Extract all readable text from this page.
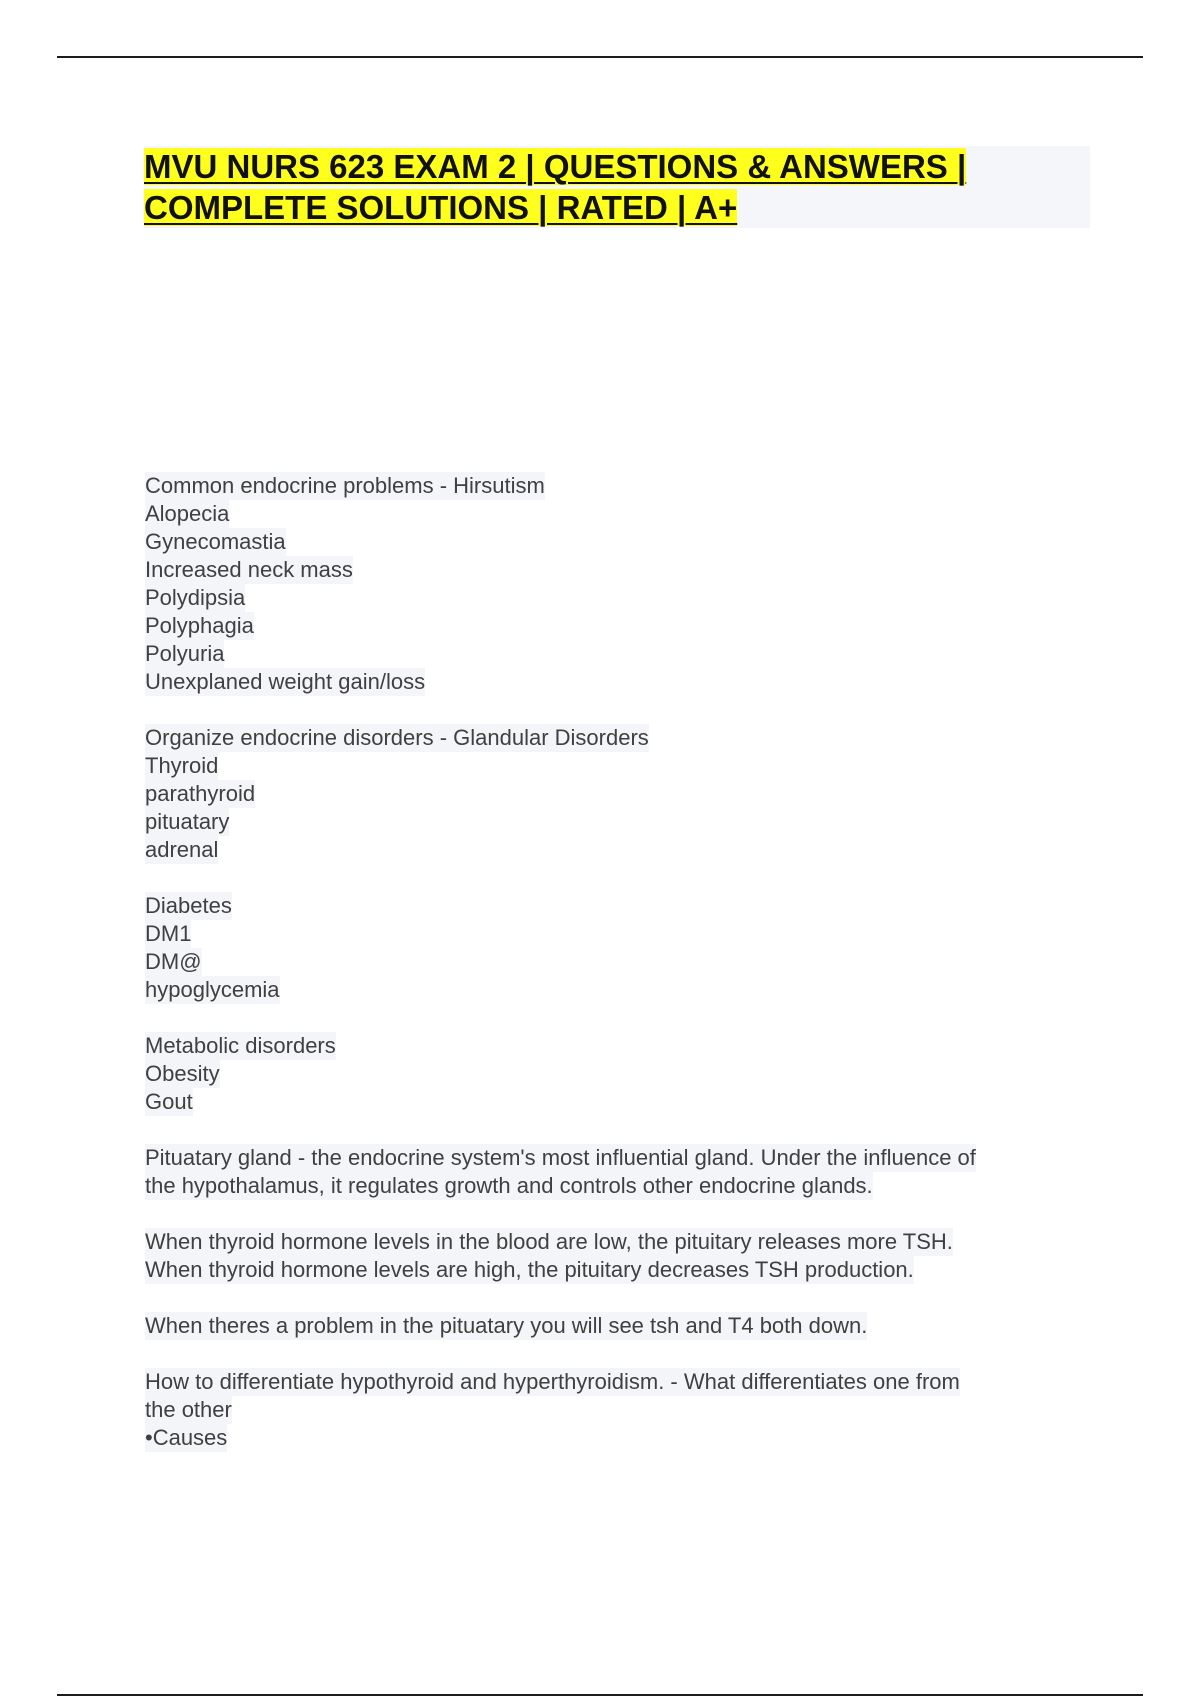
MVU NURS 623 EXAM 2 | QUESTIONS & ANSWERS |
COMPLETE SOLUTIONS | RATED | A+
Common endocrine problems - Hirsutism
Alopecia
Gynecomastia
Increased neck mass
Polydipsia
Polyphagia
Polyuria
Unexplaned weight gain/loss
Organize endocrine disorders - Glandular Disorders
Thyroid
parathyroid
pituatary
adrenal
Diabetes
DM1
DM@
hypoglycemia
Metabolic disorders
Obesity
Gout
Pituatary gland - the endocrine system's most influential gland. Under the influence of
the hypothalamus, it regulates growth and controls other endocrine glands.
When thyroid hormone levels in the blood are low, the pituitary releases more TSH.
When thyroid hormone levels are high, the pituitary decreases TSH production.
When theres a problem in the pituatary you will see tsh and T4 both down.
How to differentiate hypothyroid and hyperthyroidism. - What differentiates one from
the other
•Causes
